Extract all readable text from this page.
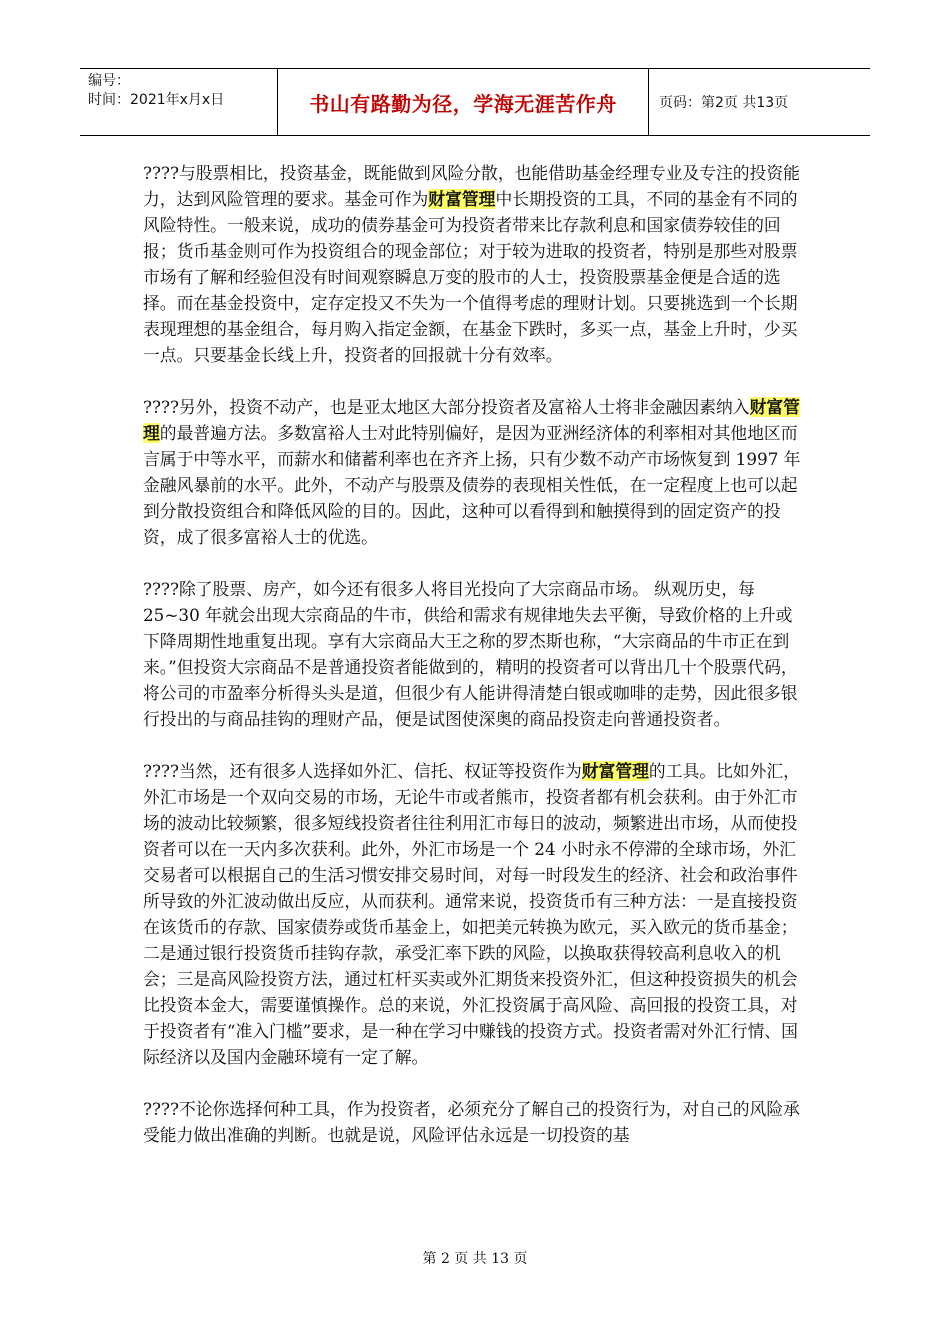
编号：
时间：2021年x月x日	书山有路勤为径，学海无涯苦作舟	页码：第2页 共13页

????与股票相比，投资基金，既能做到风险分散，也能借助基金经理专业及专注的投资能力，达到风险管理的要求。基金可作为财富管理中长期投资的工具，不同的基金有不同的风险特性。一般来说，成功的债券基金可为投资者带来比存款利息和国家债券较佳的回报；货币基金则可作为投资组合的现金部位；对于较为进取的投资者，特别是那些对股票市场有了解和经验但没有时间观察瞬息万变的股市的人士，投资股票基金便是合适的选择。而在基金投资中，定存定投又不失为一个值得考虑的理财计划。只要挑选到一个长期表现理想的基金组合，每月购入指定金额，在基金下跌时，多买一点，基金上升时，少买一点。只要基金长线上升，投资者的回报就十分有效率。

????另外，投资不动产，也是亚太地区大部分投资者及富裕人士将非金融因素纳入财富管理的最普遍方法。多数富裕人士对此特别偏好，是因为亚洲经济体的利率相对其他地区而言属于中等水平，而薪水和储蓄利率也在齐齐上扬，只有少数不动产市场恢复到 1997 年金融风暴前的水平。此外，不动产与股票及债券的表现相关性低，在一定程度上也可以起到分散投资组合和降低风险的目的。因此，这种可以看得到和触摸得到的固定资产的投资，成了很多富裕人士的优选。

????除了股票、房产，如今还有很多人将目光投向了大宗商品市场。 纵观历史，每 25~30 年就会出现大宗商品的牛市，供给和需求有规律地失去平衡，导致价格的上升或下降周期性地重复出现。享有大宗商品大王之称的罗杰斯也称，“大宗商品的牛市正在到来。”但投资大宗商品不是普通投资者能做到的，精明的投资者可以背出几十个股票代码，将公司的市盈率分析得头头是道，但很少有人能讲得清楚白银或咖啡的走势，因此很多银行投出的与商品挂钩的理财产品，便是试图使深奥的商品投资走向普通投资者。

????当然，还有很多人选择如外汇、信托、权证等投资作为财富管理的工具。比如外汇，外汇市场是一个双向交易的市场，无论牛市或者熊市，投资者都有机会获利。由于外汇市场的波动比较频繁，很多短线投资者往往利用汇市每日的波动，频繁进出市场，从而使投资者可以在一天内多次获利。此外，外汇市场是一个 24 小时永不停滞的全球市场，外汇交易者可以根据自己的生活习惯安排交易时间，对每一时段发生的经济、社会和政治事件所导致的外汇波动做出反应，从而获利。通常来说，投资货币有三种方法：一是直接投资在该货币的存款、国家债券或货币基金上，如把美元转换为欧元，买入欧元的货币基金；二是通过银行投资货币挂钩存款，承受汇率下跌的风险，以换取获得较高利息收入的机会；三是高风险投资方法，通过杠杆买卖或外汇期货来投资外汇，但这种投资损失的机会比投资本金大，需要谨慎操作。总的来说，外汇投资属于高风险、高回报的投资工具，对于投资者有“准入门槛”要求，是一种在学习中赚钱的投资方式。投资者需对外汇行情、国际经济以及国内金融环境有一定了解。

????不论你选择何种工具，作为投资者，必须充分了解自己的投资行为，对自己的风险承受能力做出准确的判断。也就是说，风险评估永远是一切投资的基

第 2 页 共 13 页
